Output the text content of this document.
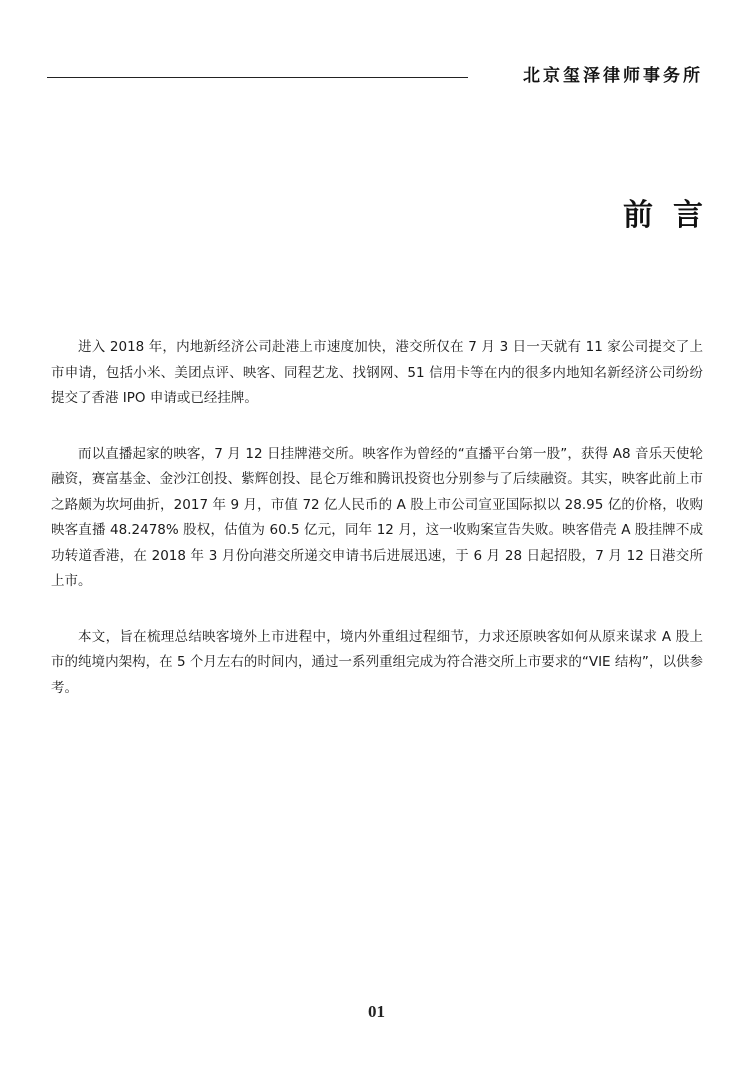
北京玺泽律师事务所
前言

进入 2018 年，内地新经济公司赴港上市速度加快，港交所仅在 7 月 3 日一天就有 11 家公司提交了上市申请，包括小米、美团点评、映客、同程艺龙、找钢网、51 信用卡等在内的很多内地知名新经济公司纷纷提交了香港 IPO 申请或已经挂牌。

而以直播起家的映客，7 月 12 日挂牌港交所。映客作为曾经的“直播平台第一股”，获得 A8 音乐天使轮融资，赛富基金、金沙江创投、紫辉创投、昆仑万维和腾讯投资也分别参与了后续融资。其实，映客此前上市之路颇为坎坷曲折，2017 年 9 月，市值 72 亿人民币的 A 股上市公司宣亚国际拟以 28.95 亿的价格，收购映客直播 48.2478% 股权，估值为 60.5 亿元，同年 12 月，这一收购案宣告失败。映客借壳 A 股挂牌不成功转道香港，在 2018 年 3 月份向港交所递交申请书后进展迅速，于 6 月 28 日起招股，7 月 12 日港交所上市。

本文，旨在梳理总结映客境外上市进程中，境内外重组过程细节，力求还原映客如何从原来谋求 A 股上市的纯境内架构，在 5 个月左右的时间内，通过一系列重组完成为符合港交所上市要求的“VIE 结构”，以供参考。

01
